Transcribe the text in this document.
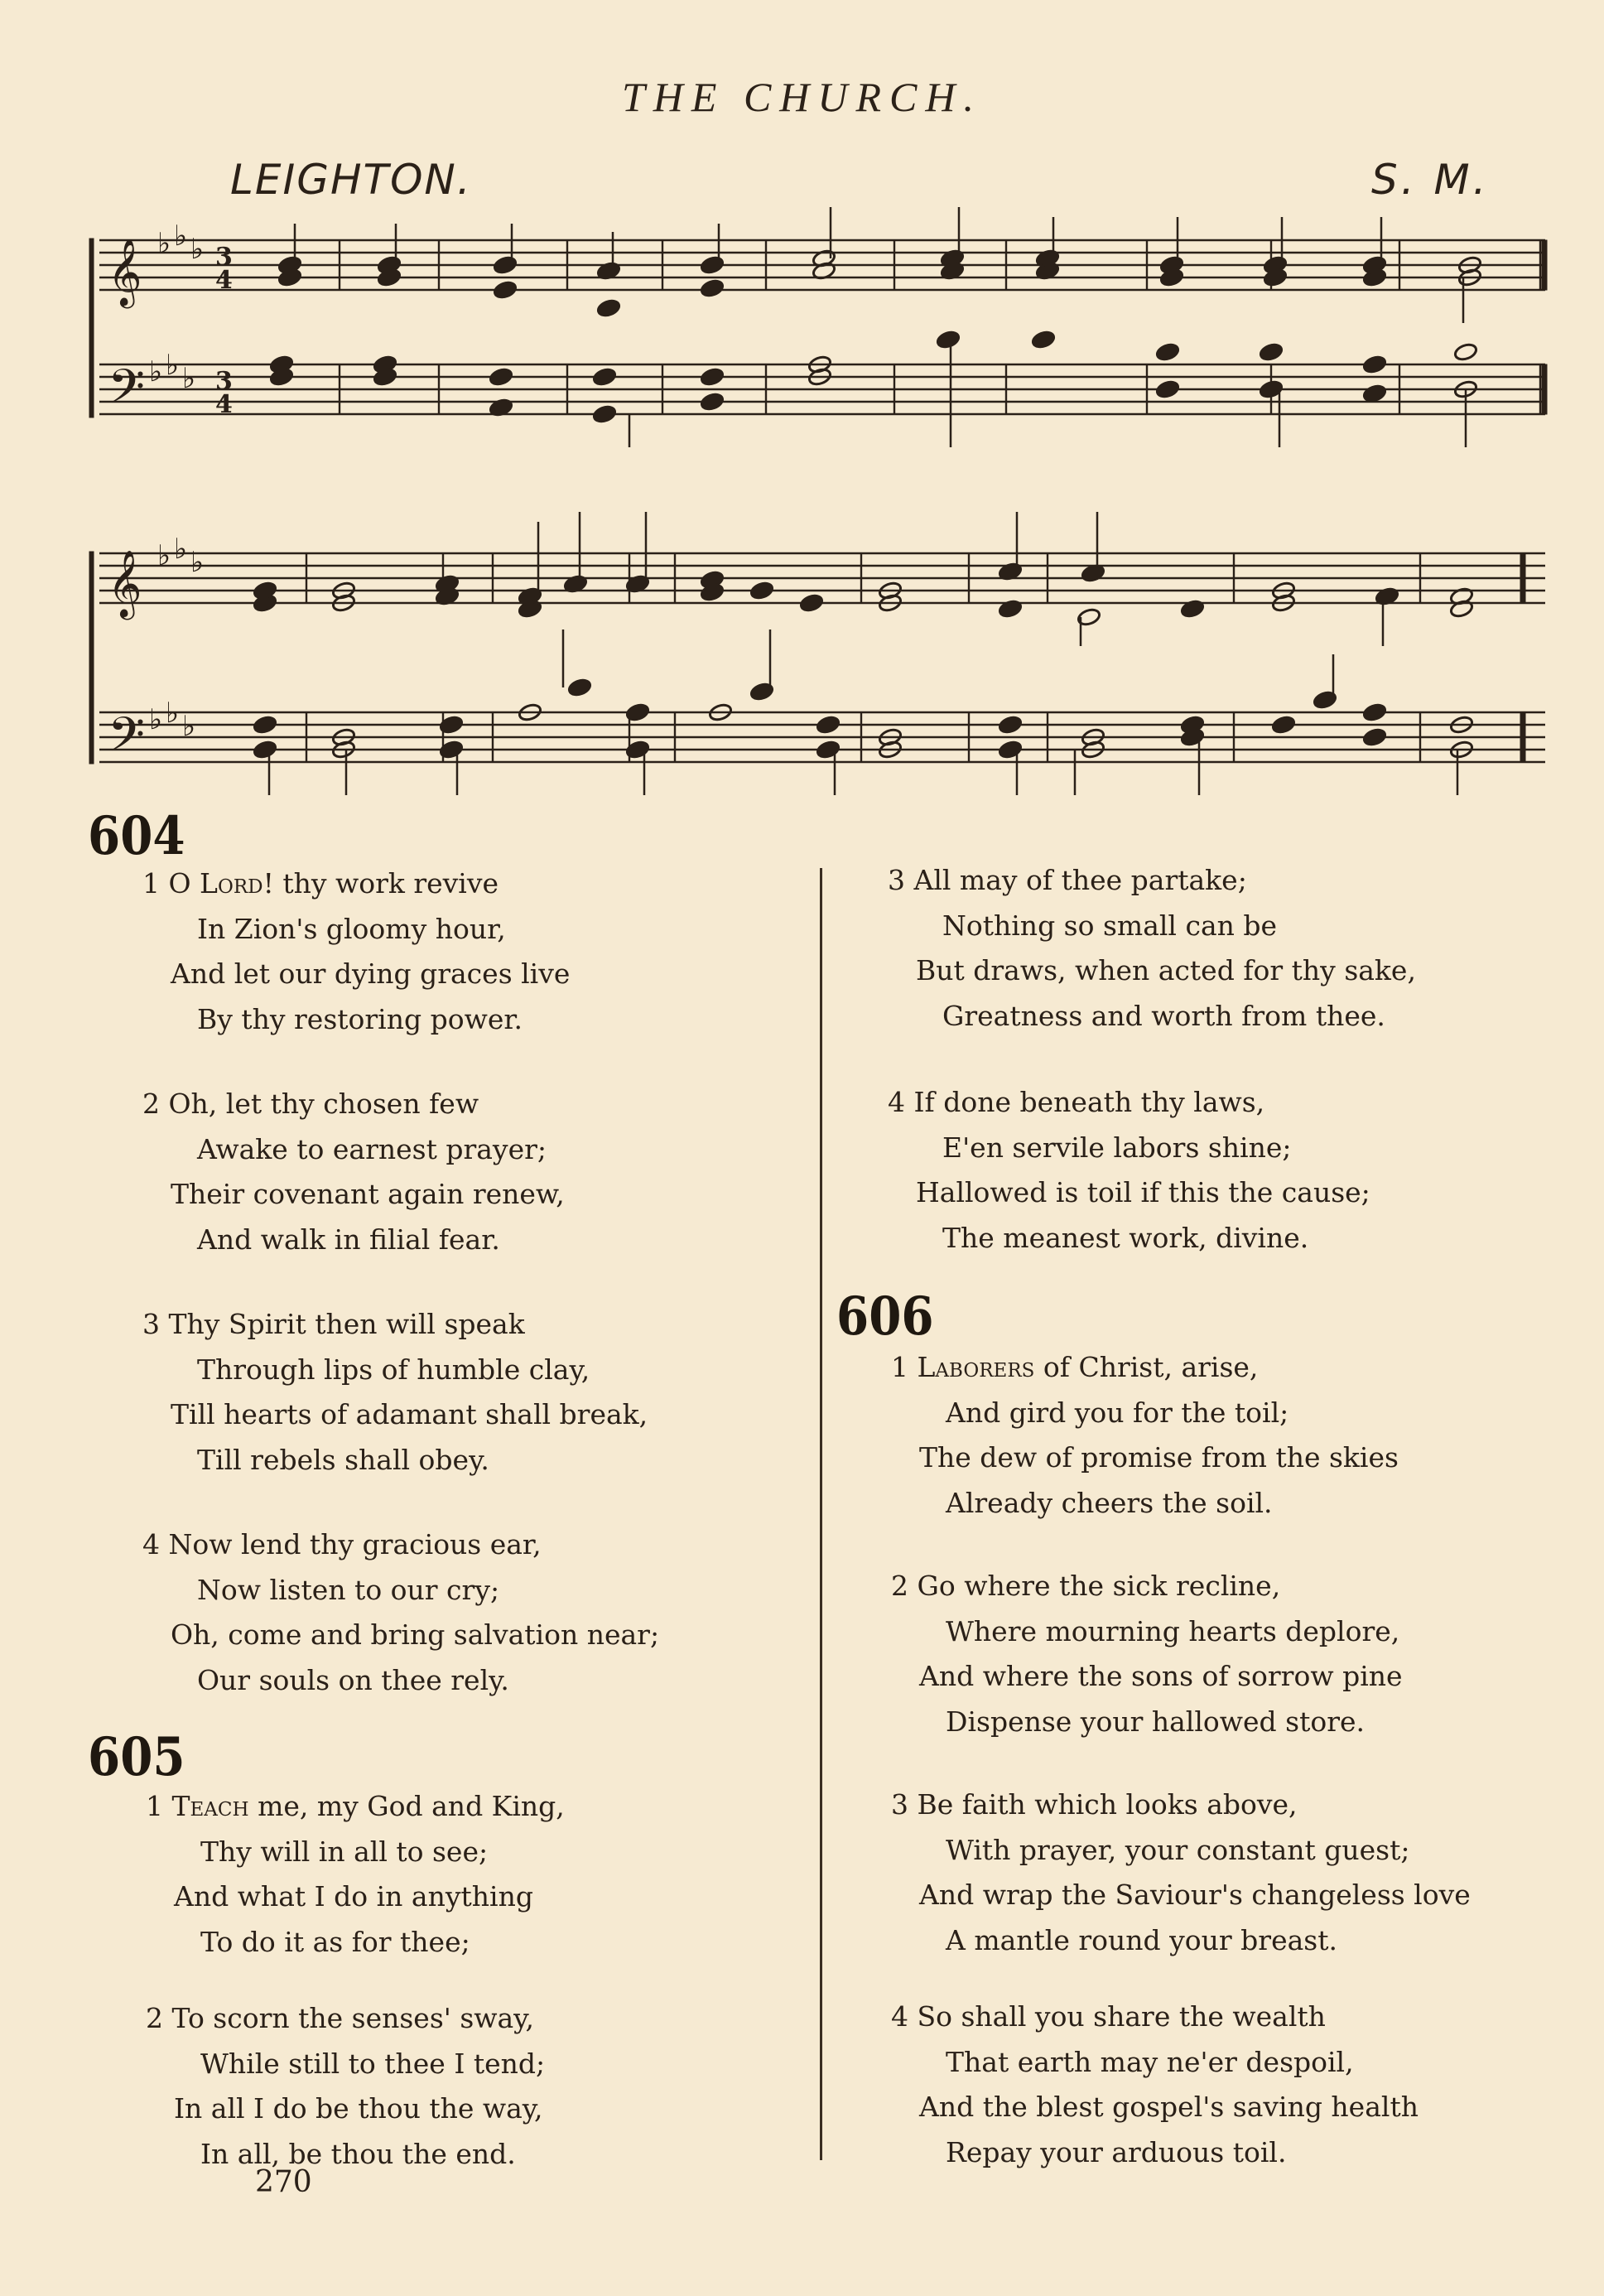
THE CHURCH.
LEIGHTON.	S. M.
𝄞
𝄢
𝄞
𝄢
♭ ♭ ♭
♭ ♭ ♭
♭ ♭ ♭
♭ ♭ ♭
3
4
3
4
604
1 O Lord! thy work revive
In Zion's gloomy hour,
And let our dying graces live
By thy restoring power.
2 Oh, let thy chosen few
Awake to earnest prayer;
Their covenant again renew,
And walk in filial fear.
3 Thy Spirit then will speak
Through lips of humble clay,
Till hearts of adamant shall break,
Till rebels shall obey.
4 Now lend thy gracious ear,
Now listen to our cry;
Oh, come and bring salvation near;
Our souls on thee rely.
605
1 Teach me, my God and King,
Thy will in all to see;
And what I do in anything
To do it as for thee;
2 To scorn the senses' sway,
While still to thee I tend;
In all I do be thou the way,
In all, be thou the end.
3 All may of thee partake;
Nothing so small can be
But draws, when acted for thy sake,
Greatness and worth from thee.
4 If done beneath thy laws,
E'en servile labors shine;
Hallowed is toil if this the cause;
The meanest work, divine.
606
1 Laborers of Christ, arise,
And gird you for the toil;
The dew of promise from the skies
Already cheers the soil.
2 Go where the sick recline,
Where mourning hearts deplore,
And where the sons of sorrow pine
Dispense your hallowed store.
3 Be faith which looks above,
With prayer, your constant guest;
And wrap the Saviour's changeless love
A mantle round your breast.
4 So shall you share the wealth
That earth may ne'er despoil,
And the blest gospel's saving health
Repay your arduous toil.
270
